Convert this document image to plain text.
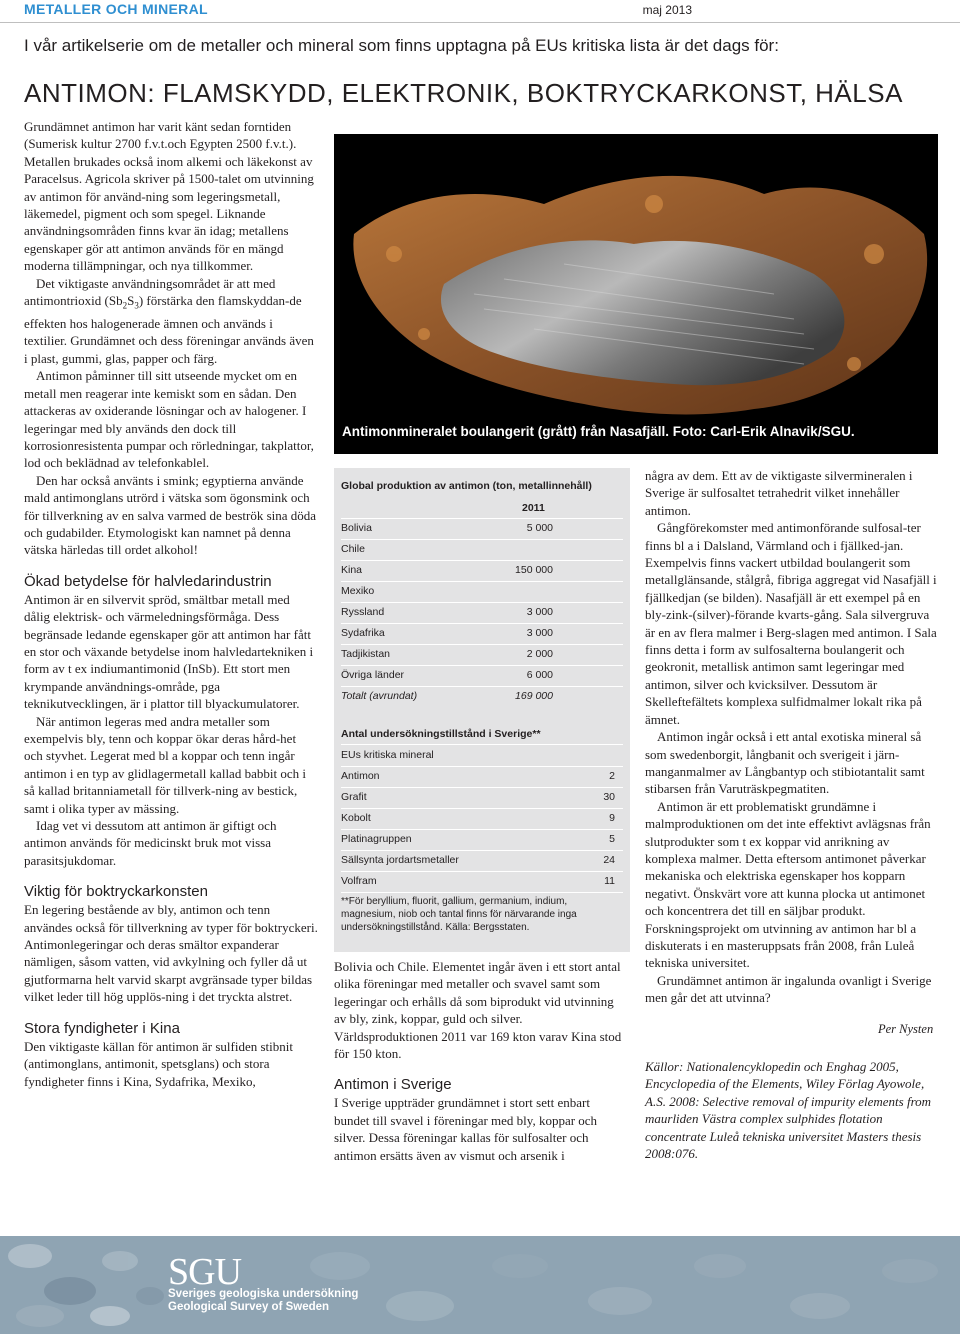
METALLER OCH MINERAL	maj 2013
I vår artikelserie om de metaller och mineral som finns upptagna på EUs kritiska lista är det dags för:
ANTIMON: FLAMSKYDD, ELEKTRONIK, BOKTRYCKARKONST, HÄLSA

Grundämnet antimon har varit känt sedan forntiden (Sumerisk kultur 2700 f.v.t.och Egypten 2500 f.v.t.). Metallen brukades också inom alkemi och läkekonst av Paracelsus. Agricola skriver på 1500-talet om utvinning av antimon för använd-ning som legeringsmetall, läkemedel, pigment och som spegel. Liknande användningsområden finns kvar än idag; metallens egenskaper gör att antimon används för en mängd moderna tillämpningar, och nya tillkommer.

Det viktigaste användningsområdet är att med antimontrioxid $(Sb_2S_3)$ förstärka den flamskyddan-de effekten hos halogenerade ämnen och används i textilier. Grundämnet och dess föreningar används även i plast, gummi, glas, papper och färg.

Antimon påminner till sitt utseende mycket om en metall men reagerar inte kemiskt som en sådan. Den attackeras av oxiderande lösningar och av halogener. I legeringar med bly används den dock till korrosionresistenta pumpar och rörledningar, takplattor, lod och beklädnad av telefonkablel.

Den har också använts i smink; egyptierna använde mald antimonglans utrörd i vätska som ögonsmink och för tillverkning av en salva varmed de beströk sina döda och gudabilder. Etymologiskt kan namnet på denna vätska härledas till ordet alkohol!

Ökad betydelse för halvledarindustrin

Antimon är en silvervit spröd, smältbar metall med dålig elektrisk- och värmeledningsförmåga. Dess begränsade ledande egenskaper gör att antimon har fått en stor och växande betydelse inom halvledartekniken i form av t ex indiumantimonid (InSb). Ett stort men krympande användnings-område, pga teknikutvecklingen, är i plattor till blyackumulatorer.

När antimon legeras med andra metaller som exempelvis bly, tenn och koppar ökar deras hård-het och styvhet. Legerat med bl a koppar och tenn ingår antimon i en typ av glidlagermetall kallad babbit och i så kallad britanniametall för tillverk-ning av bestick, samt i olika typer av mässing.

Idag vet vi dessutom att antimon är giftigt och antimon används för medicinskt bruk mot vissa parasitsjukdomar.

Viktig för boktryckarkonsten

En legering bestående av bly, antimon och tenn användes också för tillverkning av typer för boktryckeri. Antimonlegeringar och deras smältor expanderar nämligen, såsom vatten, vid avkylning och fyller då ut gjutformarna helt varvid skarpt avgränsade typer bildas vilket leder till hög upplös-ning i det tryckta alstret.

Stora fyndigheter i Kina

Den viktigaste källan för antimon är sulfiden stibnit (antimonglans, antimonit, spetsglans) och stora fyndigheter finns i Kina, Sydafrika, Mexiko,

Antimonmineralet boulangerit (grått) från Nasafjäll. Foto: Carl-Erik Alnavik/SGU.
Global produktion av antimon (ton, metallinnehåll)
2011
Bolivia	5 000
Chile
Kina	150 000
Mexiko
Ryssland	3 000
Sydafrika	3 000
Tadjikistan	2 000
Övriga länder	6 000
Totalt (avrundat)	169 000
Antal undersökningstillstånd i Sverige**
EUs kritiska mineral
Antimon	2
Grafit	30
Kobolt	9
Platinagruppen	5
Sällsynta jordartsmetaller	24
Volfram	11
**För beryllium, fluorit, gallium, germanium, indium, magnesium, niob och tantal finns för närvarande inga undersökningstillstånd. Källa: Bergsstaten.

Bolivia och Chile. Elementet ingår även i ett stort antal olika föreningar med metaller och svavel samt som legeringar och erhålls då som biprodukt vid utvinning av bly, zink, koppar, guld och silver. Världsproduktionen 2011 var 169 kton varav Kina stod för 150 kton.

Antimon i Sverige

I Sverige uppträder grundämnet i stort sett enbart bundet till svavel i föreningar med bly, koppar och silver. Dessa föreningar kallas för sulfosalter och antimon ersätts även av vismut och arsenik i

några av dem. Ett av de viktigaste silvermineralen i Sverige är sulfosaltet tetrahedrit vilket innehåller antimon.

Gångförekomster med antimonförande sulfosal-ter finns bl a i Dalsland, Värmland och i fjällked-jan. Exempelvis finns vackert utbildad boulangerit som metallglänsande, stålgrå, fibriga aggregat vid Nasafjäll i fjällkedjan (se bilden). Nasafjäll är ett exempel på en bly-zink-(silver)-förande kvarts-gång. Sala silvergruva är en av flera malmer i Berg-slagen med antimon. I Sala finns detta i form av sulfosalterna boulangerit och geokronit, metallisk antimon samt legeringar med antimon, silver och kvicksilver. Dessutom är Skelleftefältets komplexa sulfidmalmer lokalt rika på ämnet.

Antimon ingår också i ett antal exotiska mineral så som swedenborgit, långbanit och sverigeit i järn-manganmalmer av Långbantyp och stibiotantalit samt stibarsen från Varuträskpegmatiten.

Antimon är ett problematiskt grundämne i malmproduktionen om det inte effektivt avlägsnas från slutprodukter som t ex koppar vid anrikning av komplexa malmer. Detta eftersom antimonet påverkar mekaniska och elektriska egenskaper hos kopparn negativt. Önskvärt vore att kunna plocka ut antimonet och koncentrera det till en säljbar produkt. Forskningsprojekt om utvinning av antimon har bl a diskuterats i en masteruppsats från 2008, från Luleå tekniska universitet.

Grundämnet antimon är ingalunda ovanligt i Sverige men går det att utvinna?

Per Nysten
Källor: Nationalencyklopedin och Enghag 2005, Encyclopedia of the Elements, Wiley Förlag Ayowole, A.S. 2008: Selective removal of impurity elements from maurliden Västra complex sulphides flotation concentrate Luleå tekniska universitet Masters thesis 2008:076.
SGU
Sveriges geologiska undersökning
Geological Survey of Sweden
